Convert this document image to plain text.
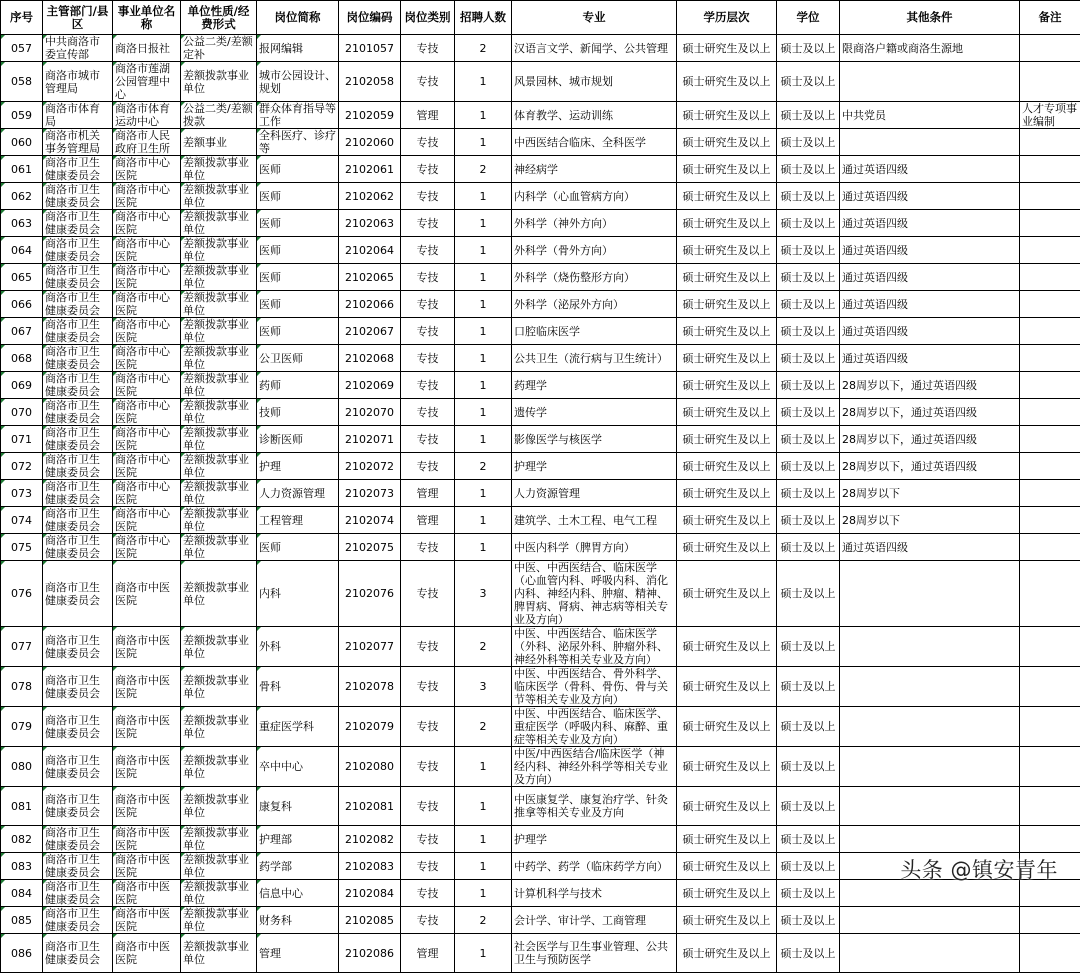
序号	主管部门/县区	事业单位名称	单位性质/经费形式	岗位简称	岗位编码	岗位类别	招聘人数	专业	学历层次	学位	其他条件	备注
057	中共商洛市委宣传部	商洛日报社	公益二类/差额定补	报网编辑	2101057	专技	2	汉语言文学、新闻学、公共管理	硕士研究生及以上	硕士及以上	限商洛户籍或商洛生源地	
058	商洛市城市管理局	商洛市莲湖公园管理中心	差额拨款事业单位	城市公园设计、规划	2102058	专技	1	风景园林、城市规划	硕士研究生及以上	硕士及以上		
059	商洛市体育局	商洛市体育运动中心	公益二类/差额拨款	群众体育指导等工作	2102059	管理	1	体育教学、运动训练	硕士研究生及以上	硕士及以上	中共党员	人才专项事业编制
060	商洛市机关事务管理局	商洛市人民政府卫生所	差额事业	全科医疗、诊疗等	2102060	专技	1	中西医结合临床、全科医学	硕士研究生及以上	硕士及以上		
061	商洛市卫生健康委员会	商洛市中心医院	差额拨款事业单位	医师	2102061	专技	2	神经病学	硕士研究生及以上	硕士及以上	通过英语四级	
062	商洛市卫生健康委员会	商洛市中心医院	差额拨款事业单位	医师	2102062	专技	1	内科学（心血管病方向）	硕士研究生及以上	硕士及以上	通过英语四级	
063	商洛市卫生健康委员会	商洛市中心医院	差额拨款事业单位	医师	2102063	专技	1	外科学（神外方向）	硕士研究生及以上	硕士及以上	通过英语四级	
064	商洛市卫生健康委员会	商洛市中心医院	差额拨款事业单位	医师	2102064	专技	1	外科学（骨外方向）	硕士研究生及以上	硕士及以上	通过英语四级	
065	商洛市卫生健康委员会	商洛市中心医院	差额拨款事业单位	医师	2102065	专技	1	外科学（烧伤整形方向）	硕士研究生及以上	硕士及以上	通过英语四级	
066	商洛市卫生健康委员会	商洛市中心医院	差额拨款事业单位	医师	2102066	专技	1	外科学（泌尿外方向）	硕士研究生及以上	硕士及以上	通过英语四级	
067	商洛市卫生健康委员会	商洛市中心医院	差额拨款事业单位	医师	2102067	专技	1	口腔临床医学	硕士研究生及以上	硕士及以上	通过英语四级	
068	商洛市卫生健康委员会	商洛市中心医院	差额拨款事业单位	公卫医师	2102068	专技	1	公共卫生（流行病与卫生统计）	硕士研究生及以上	硕士及以上	通过英语四级	
069	商洛市卫生健康委员会	商洛市中心医院	差额拨款事业单位	药师	2102069	专技	1	药理学	硕士研究生及以上	硕士及以上	28周岁以下，通过英语四级	
070	商洛市卫生健康委员会	商洛市中心医院	差额拨款事业单位	技师	2102070	专技	1	遗传学	硕士研究生及以上	硕士及以上	28周岁以下，通过英语四级	
071	商洛市卫生健康委员会	商洛市中心医院	差额拨款事业单位	诊断医师	2102071	专技	1	影像医学与核医学	硕士研究生及以上	硕士及以上	28周岁以下，通过英语四级	
072	商洛市卫生健康委员会	商洛市中心医院	差额拨款事业单位	护理	2102072	专技	2	护理学	硕士研究生及以上	硕士及以上	28周岁以下，通过英语四级	
073	商洛市卫生健康委员会	商洛市中心医院	差额拨款事业单位	人力资源管理	2102073	管理	1	人力资源管理	硕士研究生及以上	硕士及以上	28周岁以下	
074	商洛市卫生健康委员会	商洛市中心医院	差额拨款事业单位	工程管理	2102074	管理	1	建筑学、土木工程、电气工程	硕士研究生及以上	硕士及以上	28周岁以下	
075	商洛市卫生健康委员会	商洛市中心医院	差额拨款事业单位	医师	2102075	专技	1	中医内科学（脾胃方向）	硕士研究生及以上	硕士及以上	通过英语四级	
076	商洛市卫生健康委员会	商洛市中医医院	差额拨款事业单位	内科	2102076	专技	3	中医、中西医结合、临床医学（心血管内科、呼吸内科、消化内科、神经内科、肿瘤、精神、脾胃病、肾病、神志病等相关专业及方向）	硕士研究生及以上	硕士及以上		
077	商洛市卫生健康委员会	商洛市中医医院	差额拨款事业单位	外科	2102077	专技	2	中医、中西医结合、临床医学（外科、泌尿外科、肿瘤外科、神经外科等相关专业及方向）	硕士研究生及以上	硕士及以上		
078	商洛市卫生健康委员会	商洛市中医医院	差额拨款事业单位	骨科	2102078	专技	3	中医、中西医结合、骨外科学、临床医学（骨科、骨伤、骨与关节等相关专业及方向）	硕士研究生及以上	硕士及以上		
079	商洛市卫生健康委员会	商洛市中医医院	差额拨款事业单位	重症医学科	2102079	专技	2	中医、中西医结合、临床医学、重症医学（呼吸内科、麻醉、重症等相关专业及方向）	硕士研究生及以上	硕士及以上		
080	商洛市卫生健康委员会	商洛市中医医院	差额拨款事业单位	卒中中心	2102080	专技	1	中医/中西医结合/临床医学（神经内科、神经外科学等相关专业及方向）	硕士研究生及以上	硕士及以上		
081	商洛市卫生健康委员会	商洛市中医医院	差额拨款事业单位	康复科	2102081	专技	1	中医康复学、康复治疗学、针灸推拿等相关专业及方向	硕士研究生及以上	硕士及以上		
082	商洛市卫生健康委员会	商洛市中医医院	差额拨款事业单位	护理部	2102082	专技	1	护理学	硕士研究生及以上	硕士及以上		
083	商洛市卫生健康委员会	商洛市中医医院	差额拨款事业单位	药学部	2102083	专技	1	中药学、药学（临床药学方向）	硕士研究生及以上	硕士及以上		
084	商洛市卫生健康委员会	商洛市中医医院	差额拨款事业单位	信息中心	2102084	专技	1	计算机科学与技术	硕士研究生及以上	硕士及以上		
085	商洛市卫生健康委员会	商洛市中医医院	差额拨款事业单位	财务科	2102085	专技	2	会计学、审计学、工商管理	硕士研究生及以上	硕士及以上		
086	商洛市卫生健康委员会	商洛市中医医院	差额拨款事业单位	管理	2102086	管理	1	社会医学与卫生事业管理、公共卫生与预防医学	硕士研究生及以上	硕士及以上		
头条 @镇安青年
